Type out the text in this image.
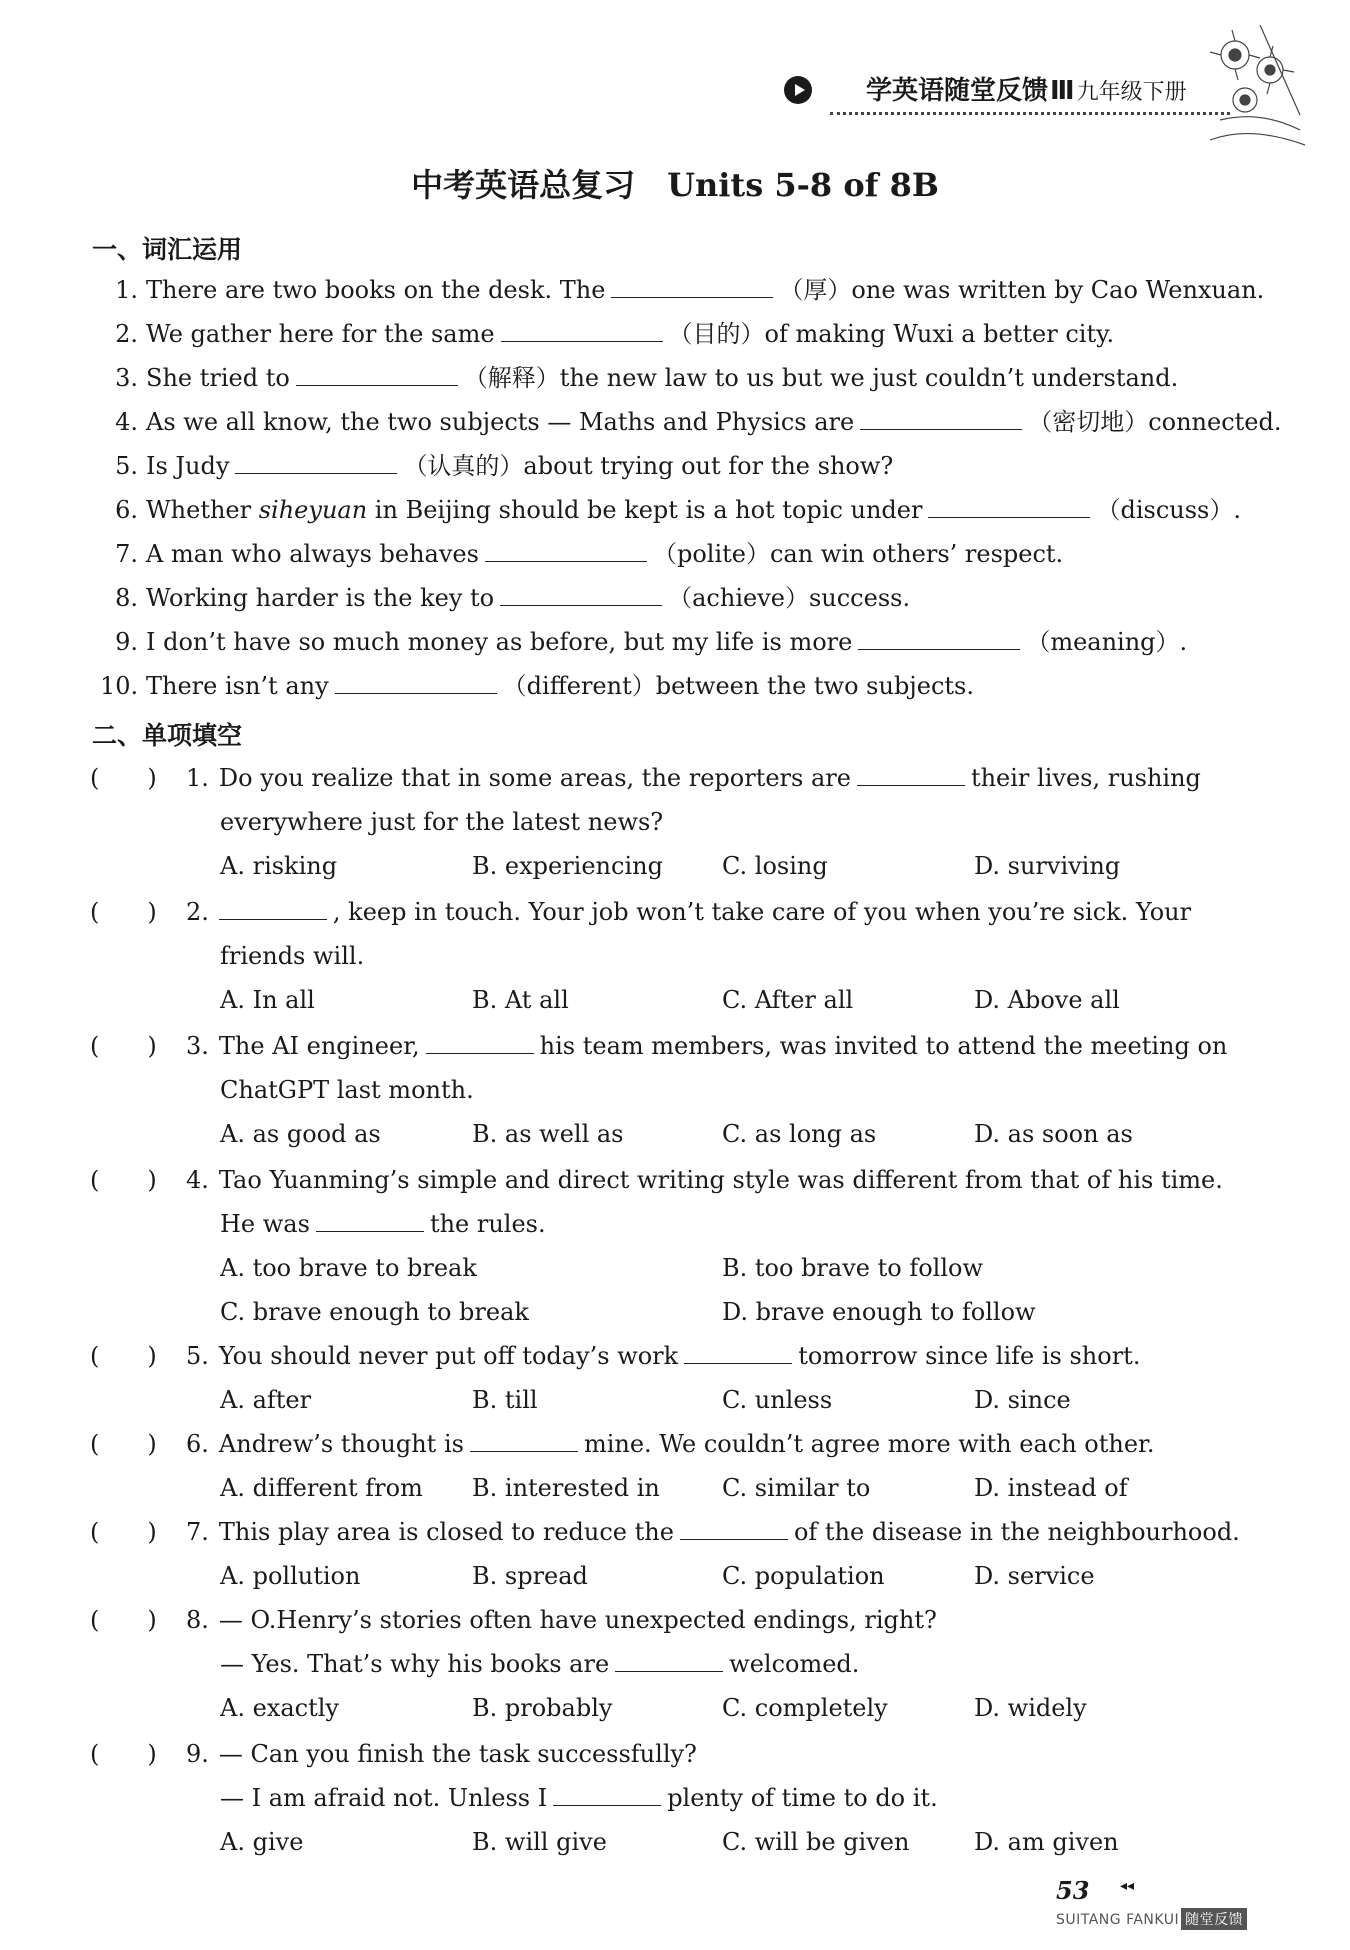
学英语随堂反馈Ⅲ九年级下册
中考英语总复习　Units 5-8 of 8B
一、词汇运用
1. There are two books on the desk. The	（厚）one was written by Cao Wenxuan.
2. We gather here for the same	（目的）of making Wuxi a better city.
3. She tried to	（解释）the new law to us but we just couldn’t understand.
4. As we all know, the two subjects — Maths and Physics are	（密切地）connected.
5. Is Judy	（认真的）about trying out for the show?
6. Whether siheyuan in Beijing should be kept is a hot topic under	（discuss）.
7. A man who always behaves	（polite）can win others’ respect.
8. Working harder is the key to	（achieve）success.
9. I don’t have so much money as before, but my life is more	（meaning）.
10. There isn’t any	（different）between the two subjects.
二、单项填空
(　　) 1. Do you realize that in some areas, the reporters are	their lives, rushing
everywhere just for the latest news?
A. risking	B. experiencing C. losing	D. surviving
(　　) 2.	, keep in touch. Your job won’t take care of you when you’re sick. Your
friends will.
A. In all	B. At all	C. After all	D. Above all
(　　) 3. The AI engineer,	his team members, was invited to attend the meeting on
ChatGPT last month.
A. as good as	B. as well as	C. as long as	D. as soon as
(　　) 4. Tao Yuanming’s simple and direct writing style was different from that of his time.
He was	the rules.
A. too brave to break	B. too brave to follow
C. brave enough to break	D. brave enough to follow
(　　) 5. You should never put off today’s work	tomorrow since life is short.
A. after	B. till	C. unless	D. since
(　　) 6. Andrew’s thought is	mine. We couldn’t agree more with each other.
A. different from B. interested in	C. similar to	D. instead of
(　　) 7. This play area is closed to reduce the	of the disease in the neighbourhood.
A. pollution	B. spread	C. population	D. service
(　　) 8. — O.Henry’s stories often have unexpected endings, right?
— Yes. That’s why his books are	welcomed.
A. exactly	B. probably	C. completely	D. widely
(　　) 9. — Can you finish the task successfully?
— I am afraid not. Unless I	plenty of time to do it.
A. give	B. will give	C. will be given	D. am given
53 ◂◂
SUITANG FANKUI 随堂反馈
